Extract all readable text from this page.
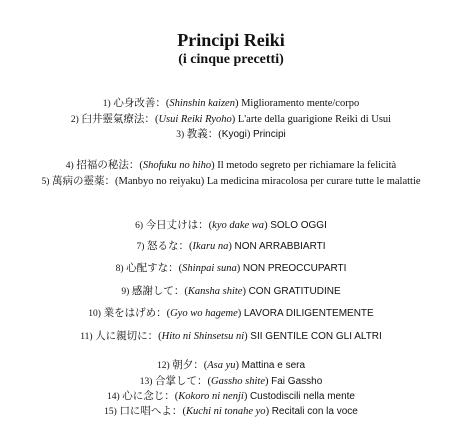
Principi Reiki
(i cinque precetti)
1) 心身改善：(Shinshin kaizen) Miglioramento mente/corpo
2) 臼井靈氣療法：(Usui Reiki Ryoho) L'arte della guarigione Reiki di Usui
3) 教義：(Kyogi) Principi
4) 招福の秘法：(Shofuku no hiho) Il metodo segreto per richiamare la felicità
5) 萬病の靈薬：(Manbyo no reiyaku) La medicina miracolosa per curare tutte le malattie
6) 今日丈けは：(kyo dake wa) SOLO OGGI
7) 怒るな：(Ikaru na) NON ARRABBIARTI
8) 心配すな：(Shinpai suna) NON PREOCCUPARTI
9) 感謝して：(Kansha shite) CON GRATITUDINE
10) 業をはげめ：(Gyo wo hageme) LAVORA DILIGENTEMENTE
11) 人に親切に：(Hito ni Shinsetsu ni) SII GENTILE CON GLI ALTRI
12) 朝夕：(Asa yu) Mattina e sera
13) 合掌して：(Gassho shite) Fai Gassho
14) 心に念じ：(Kokoro ni nenji) Custodiscili nella mente
15) 口に唱へよ：(Kuchi ni tonahe yo) Recitali con la voce
